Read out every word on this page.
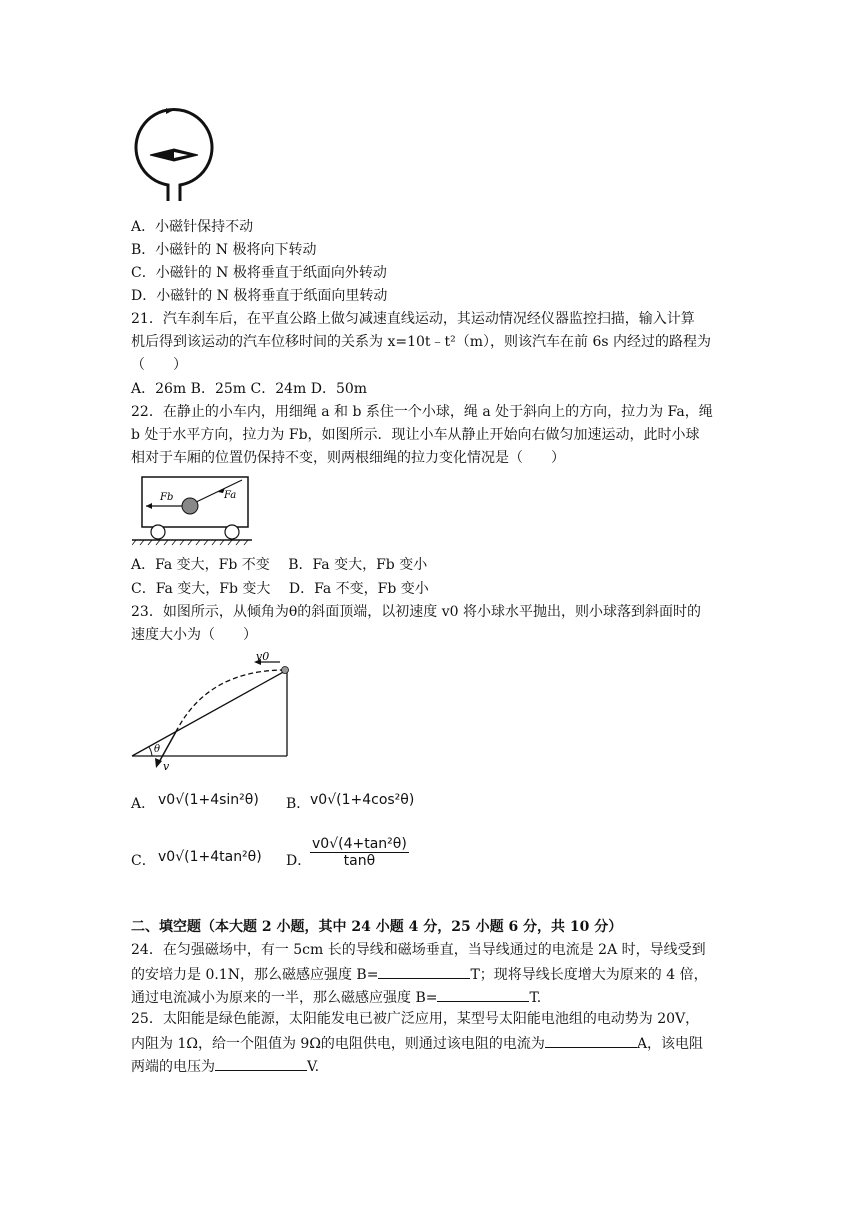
A．小磁针保持不动
B．小磁针的 N 极将向下转动
C．小磁针的 N 极将垂直于纸面向外转动
D．小磁针的 N 极将垂直于纸面向里转动
21．汽车刹车后，在平直公路上做匀减速直线运动，其运动情况经仪器监控扫描，输入计算
机后得到该运动的汽车位移时间的关系为 x=10t﹣t²（m），则该汽车在前 6s 内经过的路程为
（　　）
A．26m B．25m C．24m D．50m
22．在静止的小车内，用细绳 a 和 b 系住一个小球，绳 a 处于斜向上的方向，拉力为 Fa，绳
b 处于水平方向，拉力为 Fb，如图所示．现让小车从静止开始向右做匀加速运动，此时小球
相对于车厢的位置仍保持不变，则两根细绳的拉力变化情况是（　　）
Fb	Fa
A．Fa 变大，Fb 不变　 B．Fa 变大，Fb 变小
C．Fa 变大，Fb 变大　 D．Fa 不变，Fb 变小
23．如图所示，从倾角为θ的斜面顶端，以初速度 v0 将小球水平抛出，则小球落到斜面时的
速度大小为（　　）
v0
v
θ
A． v0√(1+4sin²θ) B． v0√(1+4cos²θ)
C． v0√(1+4tan²θ) D．
v0√(4+tan²θ)
tanθ
二、填空题（本大题 2 小题，其中 24 小题 4 分，25 小题 6 分，共 10 分）
24．在匀强磁场中，有一 5cm 长的导线和磁场垂直，当导线通过的电流是 2A 时，导线受到
的安培力是 0.1N，那么磁感应强度 B=	T；现将导线长度增大为原来的 4 倍，
通过电流减小为原来的一半，那么磁感应强度 B=	T.
25．太阳能是绿色能源，太阳能发电已被广泛应用，某型号太阳能电池组的电动势为 20V，
内阻为 1Ω，给一个阻值为 9Ω的电阻供电，则通过该电阻的电流为	A，该电阻
两端的电压为	V.
